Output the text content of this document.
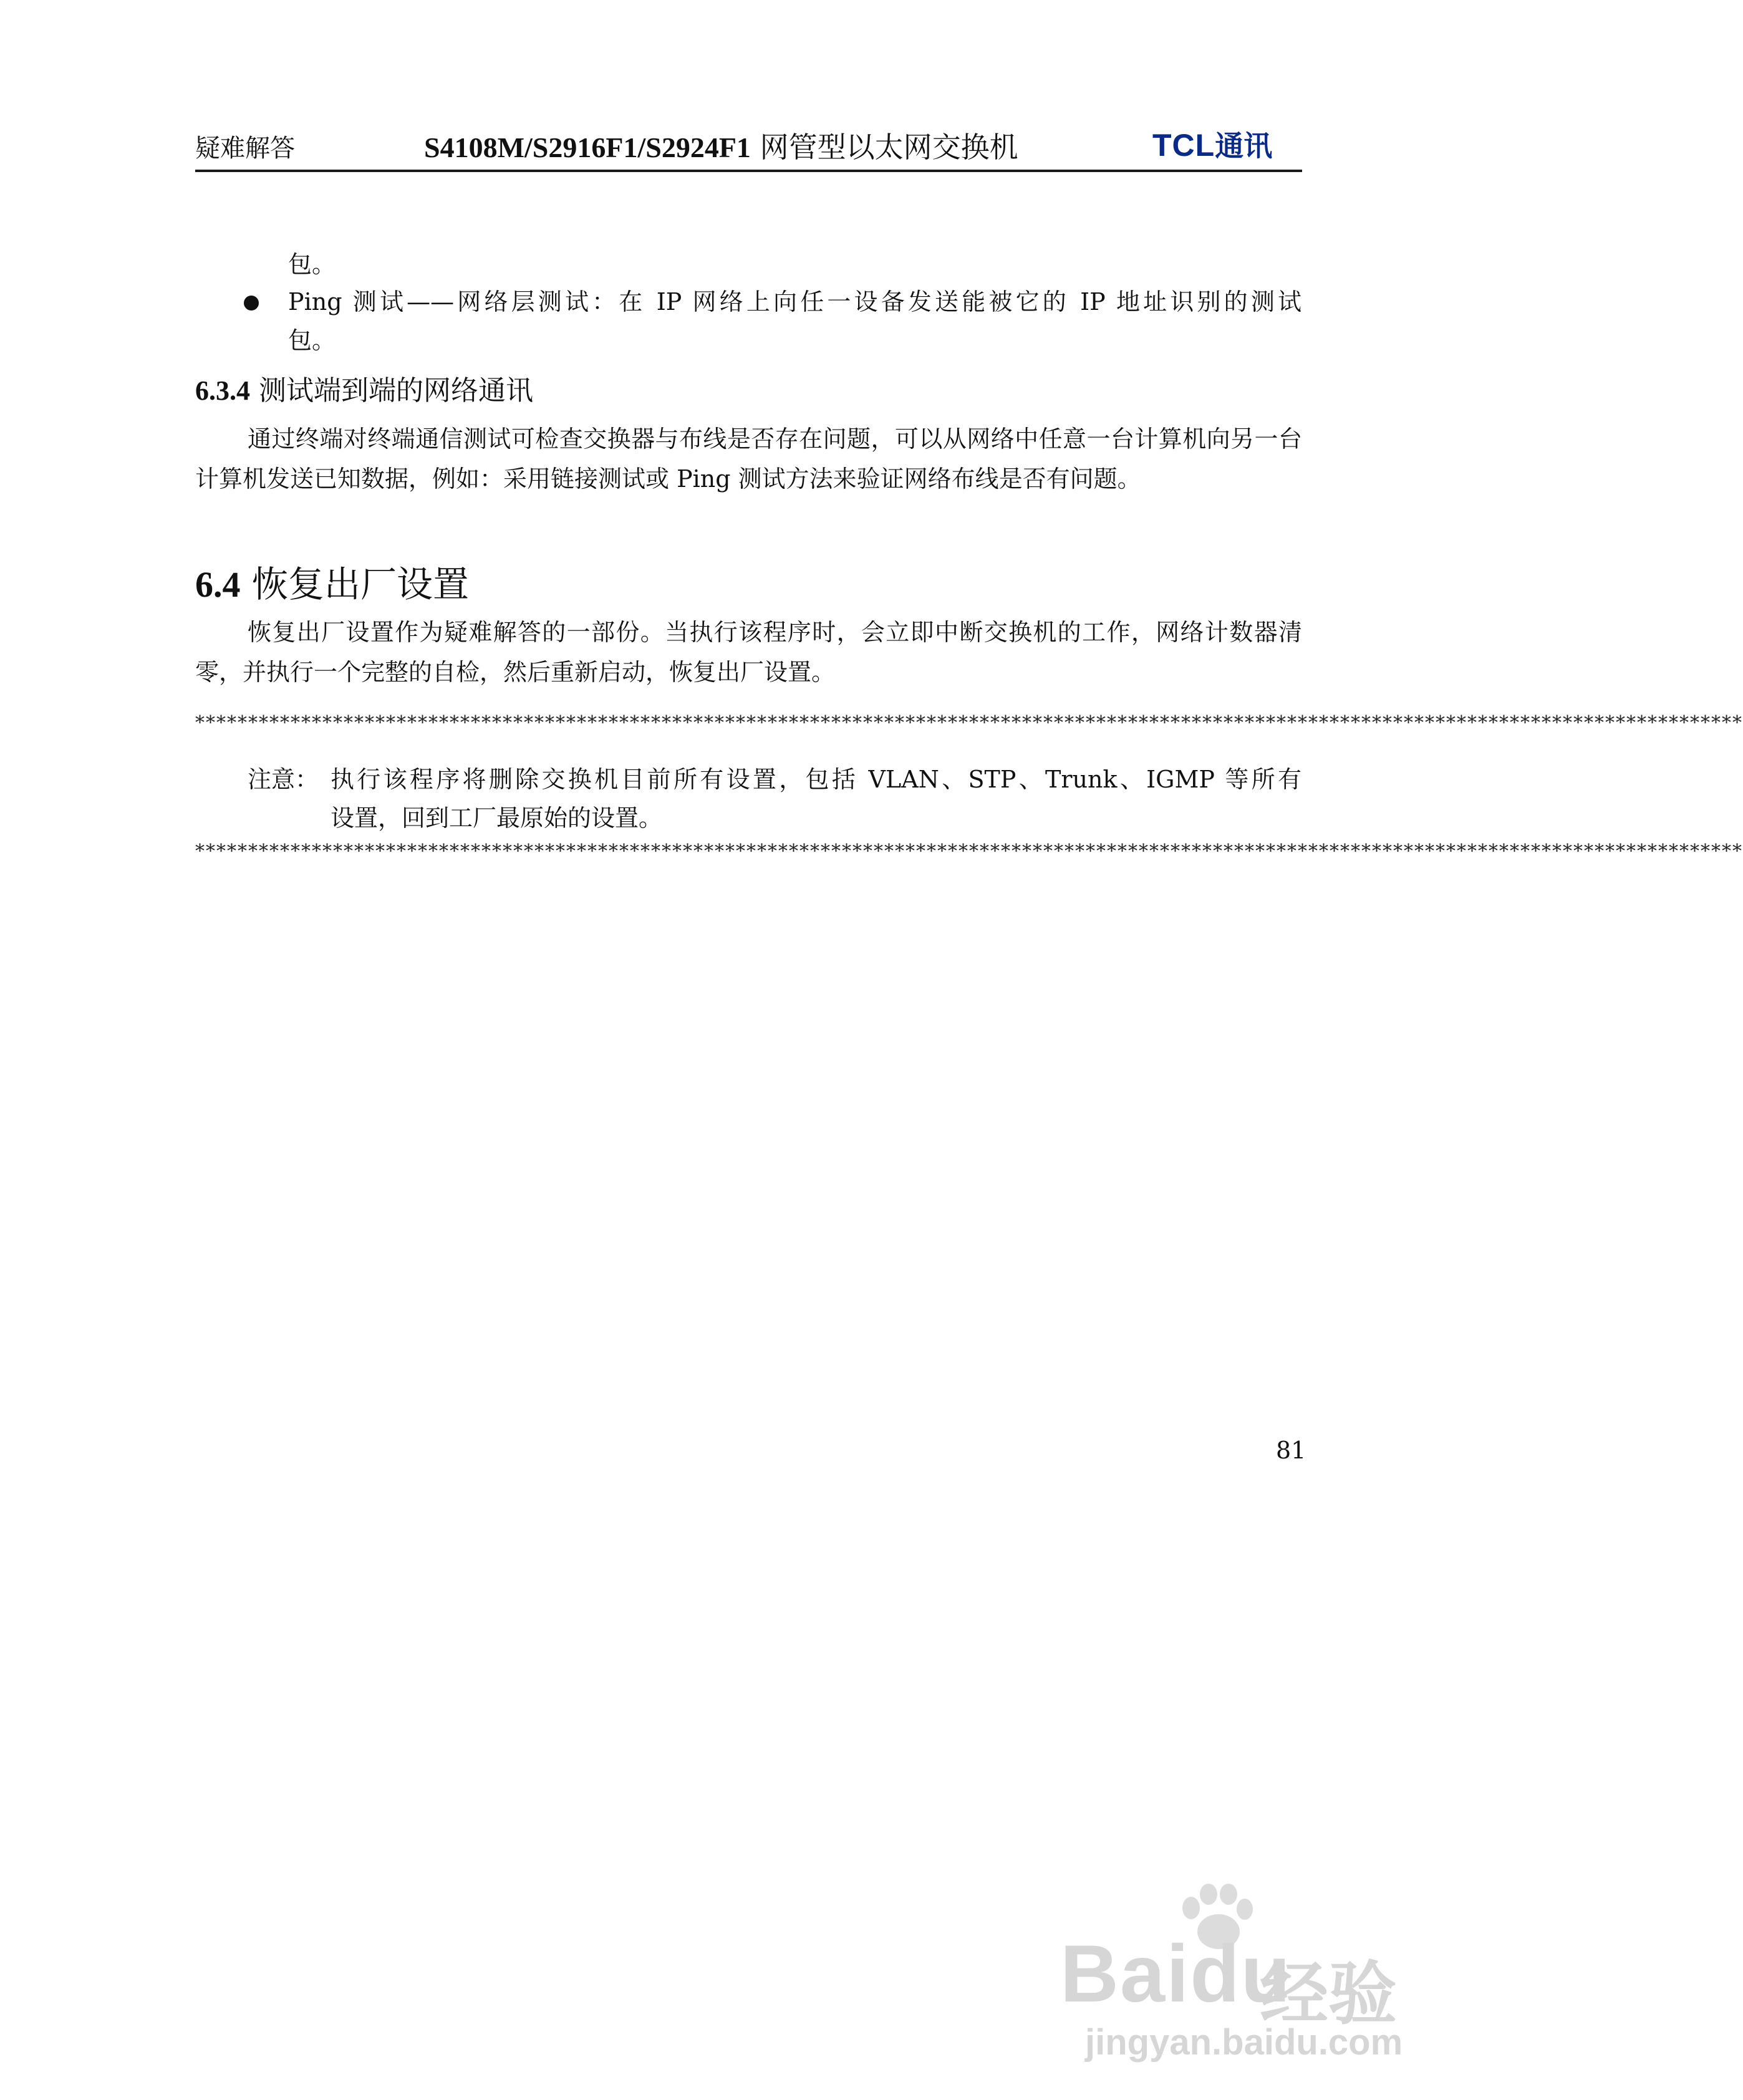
疑难解答	S4108M/S2916F1/S2924F1 网管型以太网交换机	TCL通讯
包。
Ping 测试——网络层测试：在 IP 网络上向任一设备发送能被它的 IP 地址识别的测试
包。
6.3.4 测试端到端的网络通讯
通过终端对终端通信测试可检查交换器与布线是否存在问题，可以从网络中任意一台计算机向另一台计算机发送已知数据，例如：采用链接测试或 Ping 测试方法来验证网络布线是否有问题。
6.4 恢复出厂设置
恢复出厂设置作为疑难解答的一部份。当执行该程序时，会立即中断交换机的工作，网络计数器清零，并执行一个完整的自检，然后重新启动，恢复出厂设置。
**************************************************************************************************************************************************
注意： 执行该程序将删除交换机目前所有设置，包括 VLAN、STP、Trunk、IGMP 等所有
设置，回到工厂最原始的设置。
**************************************************************************************************************************************************
81
Baidu
经验
jingyan.baidu.com
